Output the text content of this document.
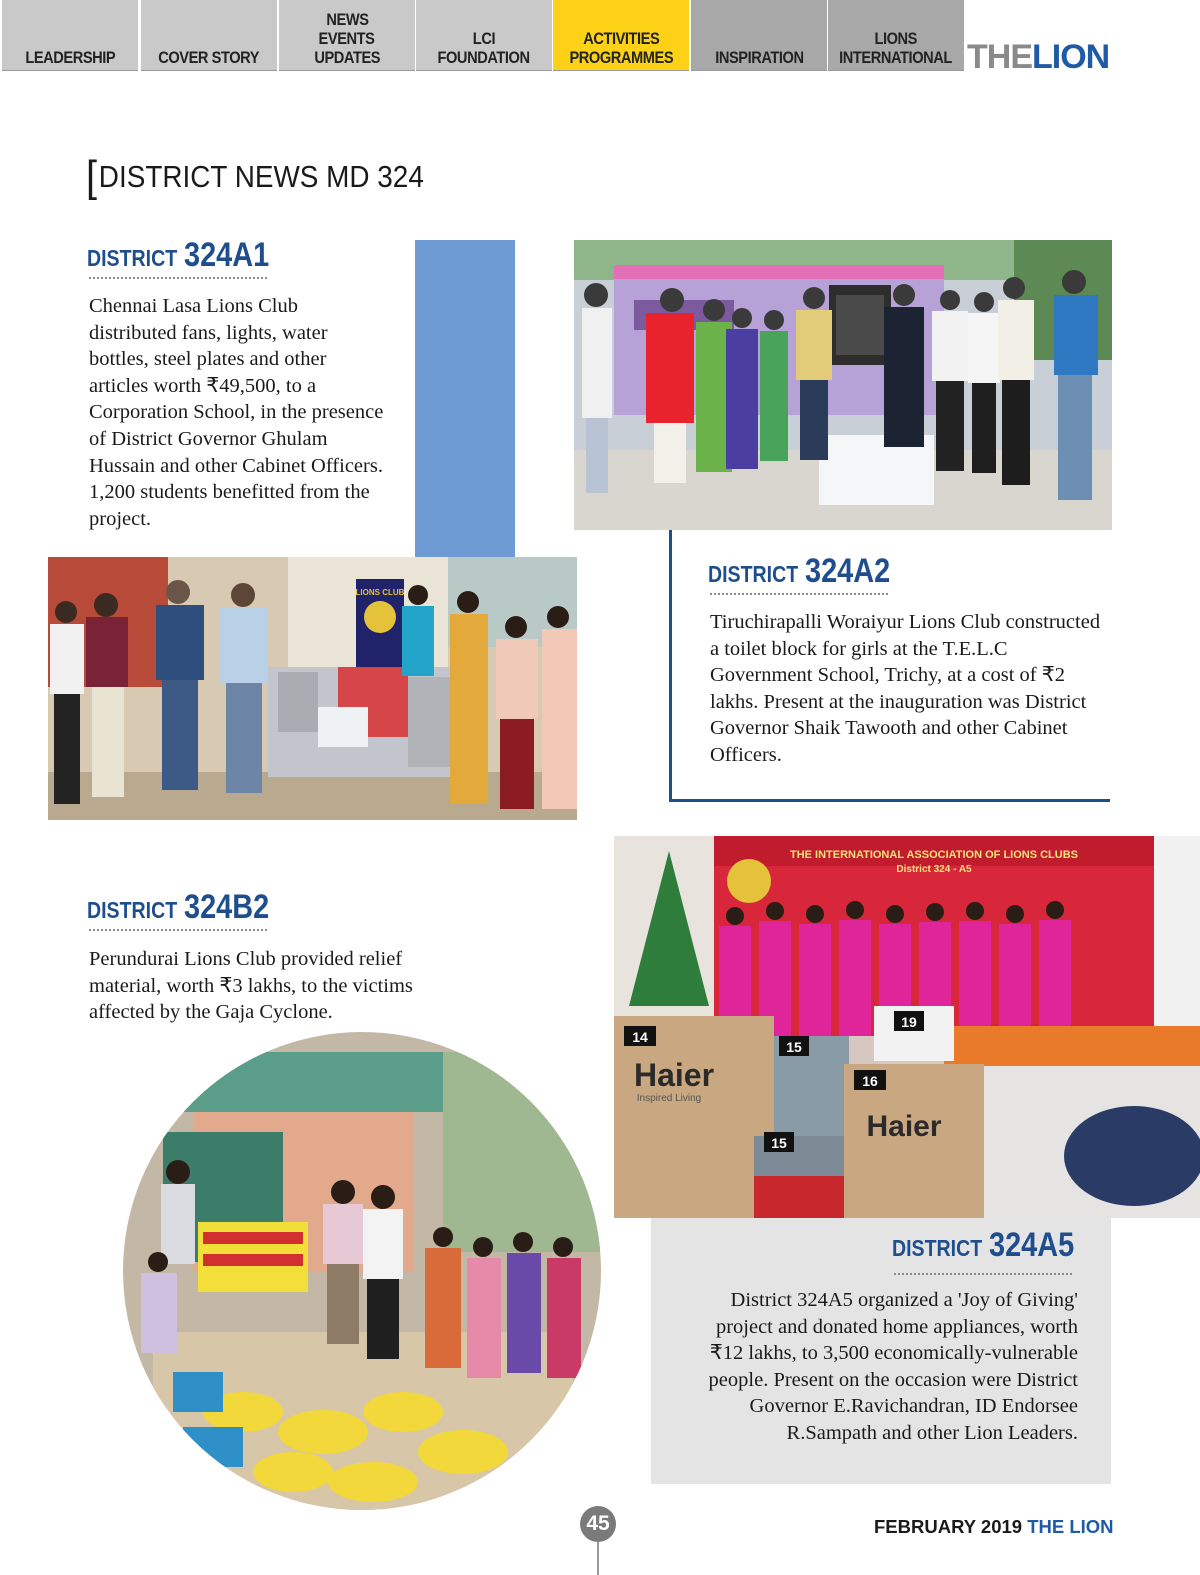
LEADERSHIP	COVER STORY
NEWS
EVENTS
UPDATES
LCI
FOUNDATION
ACTIVITIES
PROGRAMMES INSPIRATION
LIONS
INTERNATIONAL THELION
[DISTRICT NEWS MD 324
DISTRICT 324A1
Chennai Lasa Lions Club distributed fans, lights, water bottles, steel plates and other articles worth ₹49,500, to a Corporation School, in the presence of District Governor Ghulam Hussain and other Cabinet Officers. 1,200 students benefitted from the project.
LIONS CLUB
DISTRICT 324A2
Tiruchirapalli Woraiyur Lions Club constructed a toilet block for girls at the T.E.L.C Government School, Trichy, at a cost of ₹2 lakhs. Present at the inauguration was District Governor Shaik Tawooth and other Cabinet Officers.
DISTRICT 324B2
Perundurai Lions Club provided relief material, worth ₹3 lakhs, to the victims affected by the Gaja Cyclone.
THE INTERNATIONAL ASSOCIATION OF LIONS CLUBS
District 324 - A5
Haier
Inspired Living
14
15
19
16
Haier
15
DISTRICT 324A5
District 324A5 organized a 'Joy of Giving' project and donated home appliances, worth ₹12 lakhs, to 3,500 economically-vulnerable people. Present on the occasion were District Governor E.Ravichandran, ID Endorsee R.Sampath and other Lion Leaders.
45	FEBRUARY 2019 THE LION
